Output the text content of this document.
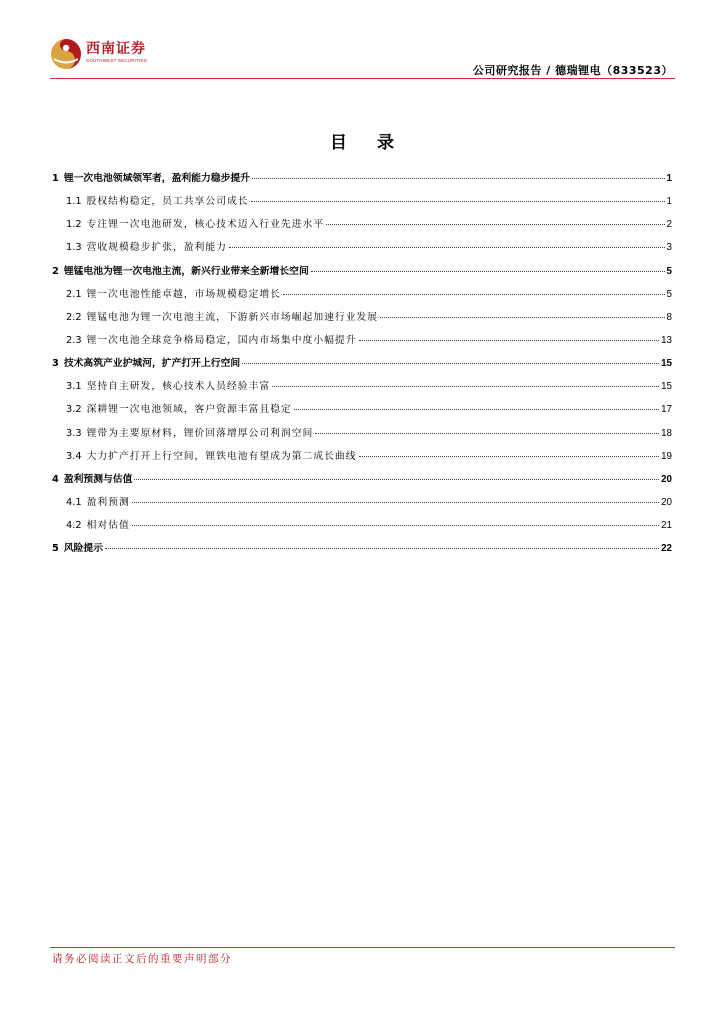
西南证券
SOUTHWEST SECURITIES
公司研究报告 / 德瑞锂电（833523）
目 录
1 锂一次电池领域领军者，盈利能力稳步提升	1
1.1 股权结构稳定，员工共享公司成长	1
1.2 专注锂一次电池研发，核心技术迈入行业先进水平	2
1.3 营收规模稳步扩张，盈利能力	3
2 锂锰电池为锂一次电池主流，新兴行业带来全新增长空间	5
2.1 锂一次电池性能卓越，市场规模稳定增长	5
2.2 锂锰电池为锂一次电池主流，下游新兴市场崛起加速行业发展	8
2.3 锂一次电池全球竞争格局稳定，国内市场集中度小幅提升	13
3 技术高筑产业护城河，扩产打开上行空间	15
3.1 坚持自主研发，核心技术人员经验丰富	15
3.2 深耕锂一次电池领域，客户资源丰富且稳定	17
3.3 锂带为主要原材料，锂价回落增厚公司利润空间	18
3.4 大力扩产打开上行空间，锂铁电池有望成为第二成长曲线	19
4 盈利预测与估值	20
4.1 盈利预测	20
4.2 相对估值	21
5 风险提示	22
请务必阅读正文后的重要声明部分
